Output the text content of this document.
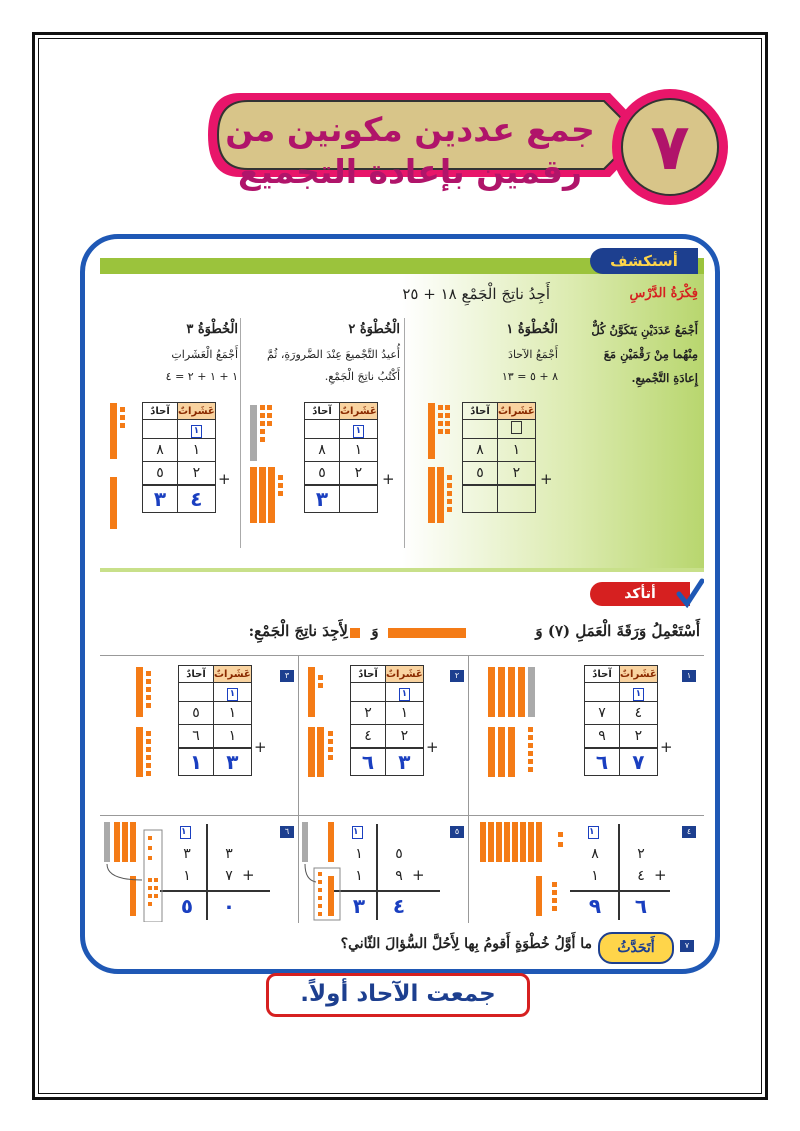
جمع عددين مكونين من
رقمين بإعادة التجميع	٧
أستكشف
فِكْرَةُ الدَّرْسِ
أَجْمَعُ عَدَدَيْنِ يَتَكَوَّنُ كُلٌّ مِنْهُما مِنْ رَقْمَيْنِ مَعَ إِعادَةِ التَّجْميعِ.
أَجِدُ ناتِجَ الْجَمْعِ ١٨ + ٢٥
الْخُطْوَةُ ١
أَجْمَعُ الآحادَ
٨ + ٥ = ١٣
الْخُطْوَةُ ٢
أُعيدُ التَّجْميعَ عِنْدَ الضَّرورَةِ، ثُمَّ
أَكْتُبُ ناتِجَ الْجَمْعِ.
الْخُطْوَةُ ٣
أَجْمَعُ الْعَشَراتِ
١ + ١ + ٢ = ٤
آحادٌ	عَشَراتٌ

٨	١
٥	٢
	+
آحادٌ	عَشَراتٌ
	١
٨	١
٥	٢
٣	
+
آحادٌ	عَشَراتٌ
	١
٨	١
٥	٢
٣	٤
+
أتأكد
أَسْتَعْمِلُ وَرَقَةَ الْعَمَلِ (٧) وَ
وَ
لِأَجِدَ ناتِجَ الْجَمْعِ:
١
آحادٌ	عَشَراتٌ
	١
٧	٤
٩	٢
٦	٧
+
٢
آحادٌ	عَشَراتٌ
	١
٢	١
٤	٢
٦	٣
+
٣
آحادٌ	عَشَراتٌ
	١
٥	١
٦	١
١	٣
+
٤
١
٨	٢
١	٤
٩	٦
+
٥
١
١	٥
١	٩
٣	٤
+
٦
١
٣	٣
١	٧
٥	٠
+
٧
أَتَحَدَّثُ
ما أَوَّلُ خُطْوَةٍ أَقومُ بِها لِأَحُلَّ السُّؤالَ الثّاني؟
جمعت الآحاد أولاً.
